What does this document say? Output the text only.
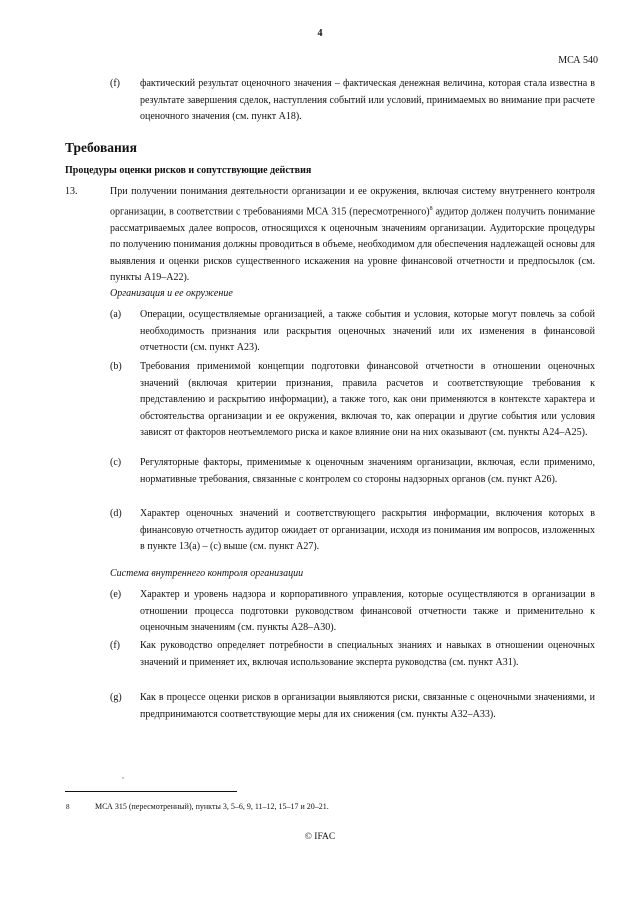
4
МСА 540
(f) фактический результат оценочного значения – фактическая денежная величина, которая стала известна в результате завершения сделок, наступления событий или условий, принимаемых во внимание при расчете оценочного значения (см. пункт A18).

Требования
Процедуры оценки рисков и сопутствующие действия
13.	При получении понимания деятельности организации и ее окружения, включая систему внутреннего контроля организации, в соответствии с требованиями МСА 315 (пересмотренного)$^8$ аудитор должен получить понимание рассматриваемых далее вопросов, относящихся к оценочным значениям организации. Аудиторские процедуры по получению понимания должны проводиться в объеме, необходимом для обеспечения надлежащей основы для выявления и оценки рисков существенного искажения на уровне финансовой отчетности и предпосылок (см. пункты A19–A22).

Организация и ее окружение

(a) Операции, осуществляемые организацией, а также события и условия, которые могут повлечь за собой необходимость признания или раскрытия оценочных значений или их изменения в финансовой отчетности (см. пункт A23).

(b) Требования применимой концепции подготовки финансовой отчетности в отношении оценочных значений (включая критерии признания, правила расчетов и соответствующие требования к представлению и раскрытию информации), а также того, как они применяются в контексте характера и обстоятельства организации и ее окружения, включая то, как операции и другие события или условия зависят от факторов неотъемлемого риска и какое влияние они на них оказывают (см. пункты A24–A25).

(c) Регуляторные факторы, применимые к оценочным значениям организации, включая, если применимо, нормативные требования, связанные с контролем со стороны надзорных органов (см. пункт A26).

(d) Характер оценочных значений и соответствующего раскрытия информации, включения которых в финансовую отчетность аудитор ожидает от организации, исходя из понимания им вопросов, изложенных в пункте 13(a) – (c) выше (см. пункт A27).

Система внутреннего контроля организации

(e) Характер и уровень надзора и корпоративного управления, которые осуществляются в организации в отношении процесса подготовки руководством финансовой отчетности также и применительно к оценочным значениям (см. пункты A28–A30).

(f) Как руководство определяет потребности в специальных знаниях и навыках в отношении оценочных значений и применяет их, включая использование эксперта руководства (см. пункт A31).

(g) Как в процессе оценки рисков в организации выявляются риски, связанные с оценочными значениями, и предпринимаются соответствующие меры для их снижения (см. пункты A32–A33).

8	МСА 315 (пересмотренный), пункты 3, 5–6, 9, 11–12, 15–17 и 20–21.
© IFAC
